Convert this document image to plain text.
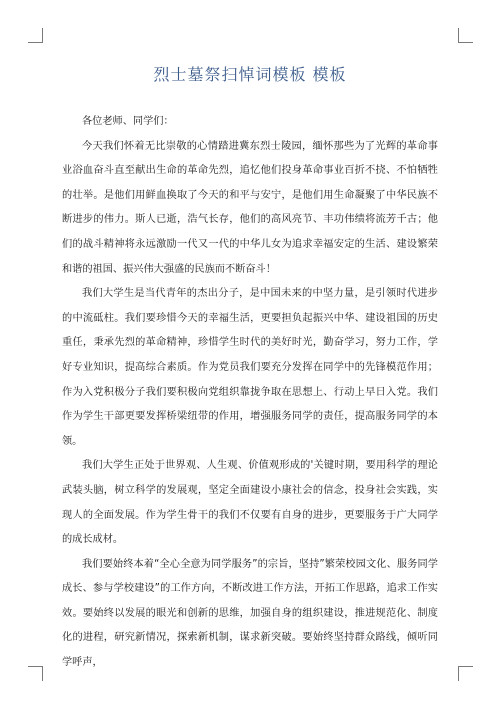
烈士墓祭扫悼词模板 模板

各位老师、同学们：

今天我们怀着无比崇敬的心情踏进冀东烈士陵园，缅怀那些为了光辉的革命事业浴血奋斗直至献出生命的革命先烈，追忆他们投身革命事业百折不挠、不怕牺牲的壮举。是他们用鲜血换取了今天的和平与安宁，是他们用生命凝聚了中华民族不断进步的伟力。斯人已逝，浩气长存，他们的高风亮节、丰功伟绩将流芳千古；他们的战斗精神将永远激励一代又一代的中华儿女为追求幸福安定的生活、建设繁荣和谐的祖国、振兴伟大强盛的民族而不断奋斗！

我们大学生是当代青年的杰出分子，是中国未来的中坚力量，是引领时代进步的中流砥柱。我们要珍惜今天的幸福生活，更要担负起振兴中华、建设祖国的历史重任，秉承先烈的革命精神，珍惜学生时代的美好时光，勤奋学习，努力工作，学好专业知识，提高综合素质。作为党员我们要充分发挥在同学中的先锋模范作用；作为入党积极分子我们要积极向党组织靠拢争取在思想上、行动上早日入党。我们作为学生干部更要发挥桥梁纽带的作用，增强服务同学的责任，提高服务同学的本领。

我们大学生正处于世界观、人生观、价值观形成的'关键时期，要用科学的理论武装头脑，树立科学的发展观，坚定全面建设小康社会的信念，投身社会实践，实现人的全面发展。作为学生骨干的我们不仅要有自身的进步，更要服务于广大同学的成长成材。

我们要始终本着“全心全意为同学服务”的宗旨，坚持”繁荣校园文化、服务同学成长、参与学校建设”的工作方向，不断改进工作方法，开拓工作思路，追求工作实效。要始终以发展的眼光和创新的思维，加强自身的组织建设，推进规范化、制度化的进程，研究新情况，探索新机制，谋求新突破。要始终坚持群众路线，倾听同学呼声，
